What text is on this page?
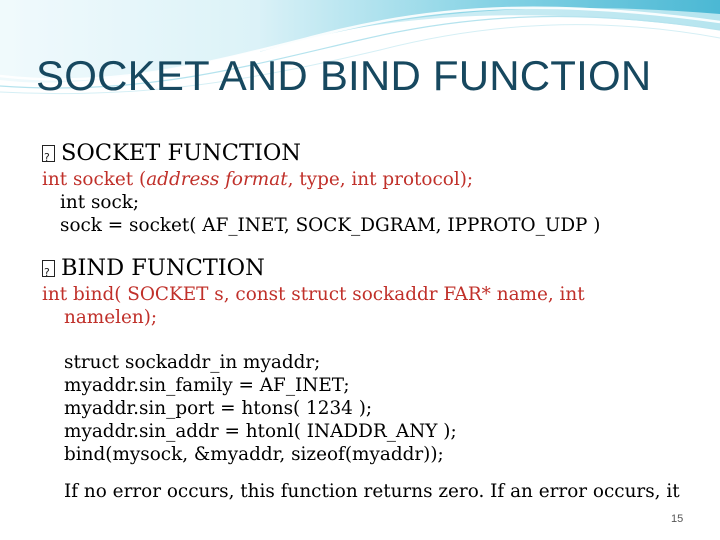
SOCKET AND BIND FUNCTION
?
SOCKET FUNCTION
int socket (address format, type, int protocol);
int sock;
sock = socket( AF_INET, SOCK_DGRAM, IPPROTO_UDP )
?
BIND FUNCTION
int bind( SOCKET s, const struct sockaddr FAR* name, int
namelen);
struct sockaddr_in myaddr;
myaddr.sin_family = AF_INET;
myaddr.sin_port = htons( 1234 );
myaddr.sin_addr = htonl( INADDR_ANY );
bind(mysock, &myaddr, sizeof(myaddr));
If no error occurs, this function returns zero. If an error occurs, it
15
